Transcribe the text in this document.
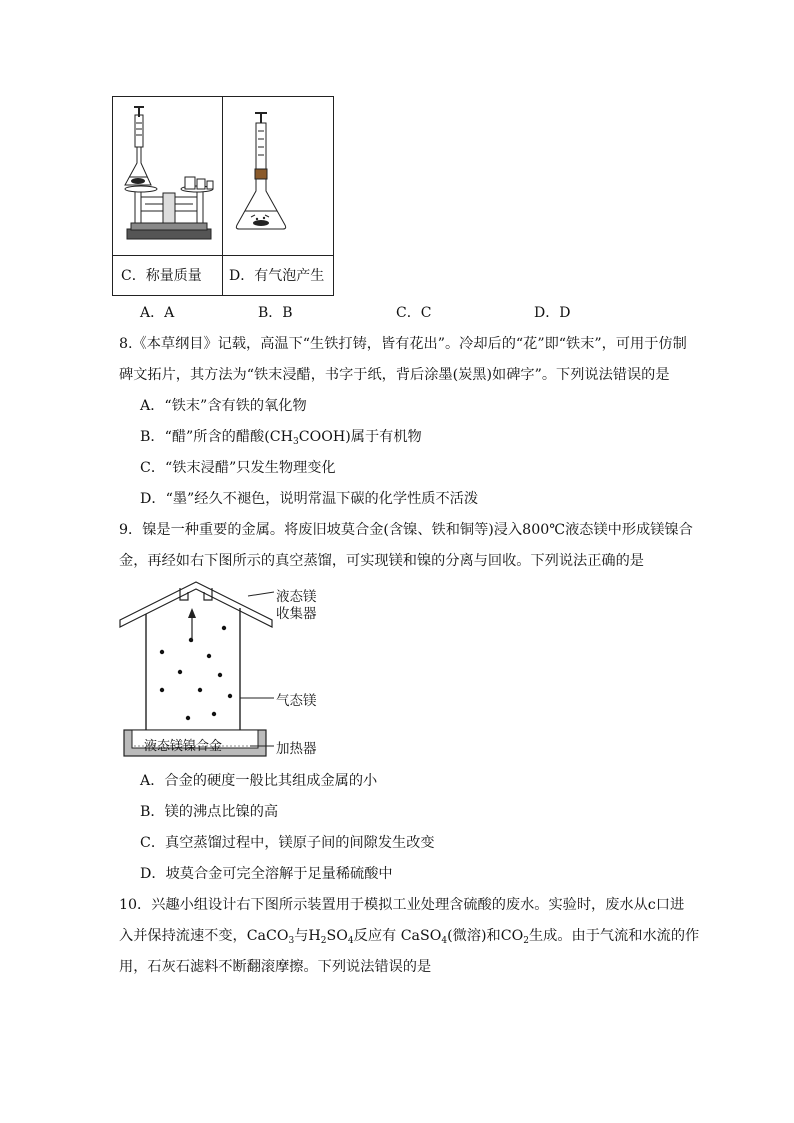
C．称量质量 D．有气泡产生
A．A	B．B	C．C	D．D
8.《本草纲目》记载，高温下“生铁打铸，皆有花出”。冷却后的“花”即“铁末”，可用于仿制
碑文拓片，其方法为“铁末浸醋，书字于纸，背后涂墨(炭黑)如碑字”。下列说法错误的是
A．“铁末”含有铁的氧化物
B．“醋”所含的醋酸$(CH_3COOH)$属于有机物
C．“铁末浸醋”只发生物理变化
D．“墨”经久不褪色，说明常温下碳的化学性质不活泼
9．镍是一种重要的金属。将废旧坡莫合金(含镍、铁和铜等)浸入800℃液态镁中形成镁镍合
金，再经如右下图所示的真空蒸馏，可实现镁和镍的分离与回收。下列说法正确的是
液态镁镍合金
液态镁
收集器
气态镁
加热器
A．合金的硬度一般比其组成金属的小
B．镁的沸点比镍的高
C．真空蒸馏过程中，镁原子间的间隙发生改变
D．坡莫合金可完全溶解于足量稀硫酸中
10．兴趣小组设计右下图所示装置用于模拟工业处理含硫酸的废水。实验时，废水从c口进
入并保持流速不变，CaCO$_3$与$H_2SO_4$反应有 CaSO$_4$(微溶)和$CO_2$生成。由于气流和水流的作
用，石灰石滤料不断翻滚摩擦。下列说法错误的是
